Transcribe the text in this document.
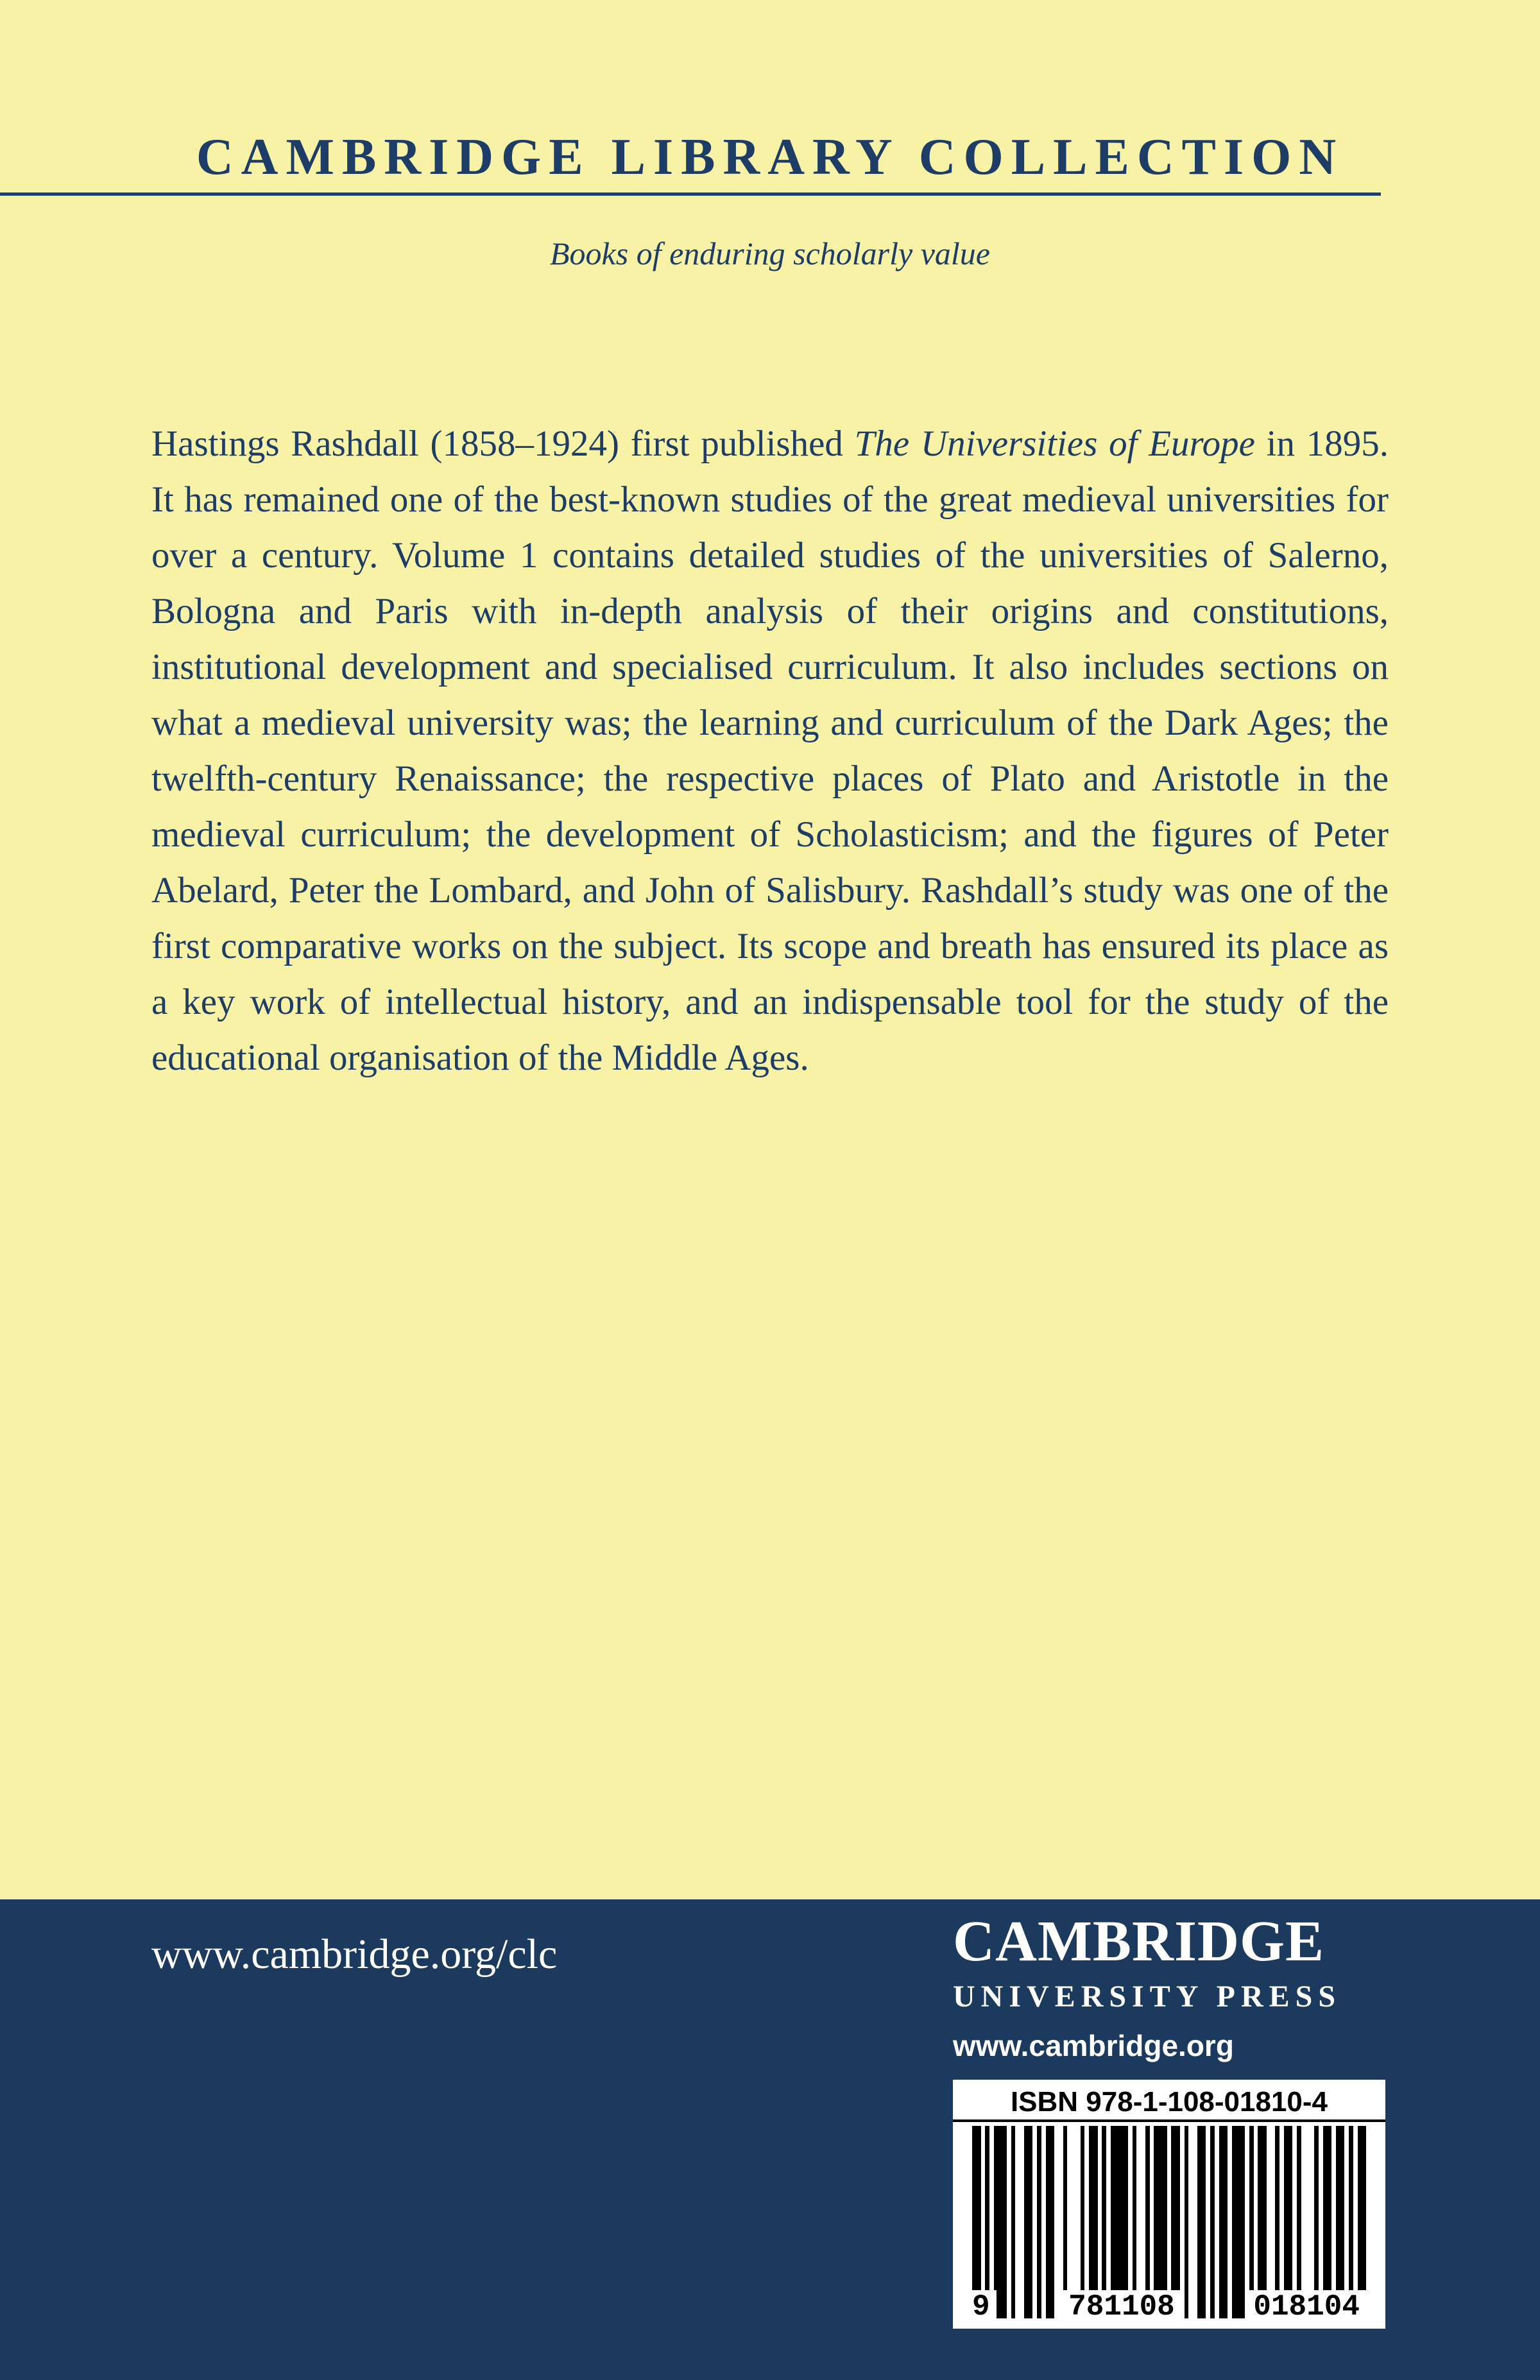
CAMBRIDGE LIBRARY COLLECTION
Books of enduring scholarly value

Hastings Rashdall (1858–1924) first published The Universities of Europe in 1895. It has remained one of the best-known studies of the great medieval universities for over a century. Volume 1 contains detailed studies of the universities of Salerno, Bologna and Paris with in-depth analysis of their origins and constitutions, institutional development and specialised curriculum. It also includes sections on what a medieval university was; the learning and curriculum of the Dark Ages; the twelfth-century Renaissance; the respective places of Plato and Aristotle in the medieval curriculum; the development of Scholasticism; and the figures of Peter Abelard, Peter the Lombard, and John of Salisbury. Rashdall’s study was one of the first comparative works on the subject. Its scope and breath has ensured its place as a key work of intellectual history, and an indispensable tool for the study of the educational organisation of the Middle Ages.

www.cambridge.org/clc	CAMBRIDGE
UNIVERSITY PRESS
www.cambridge.org
ISBN 978-1-108-01810-4
9	781108	018104
